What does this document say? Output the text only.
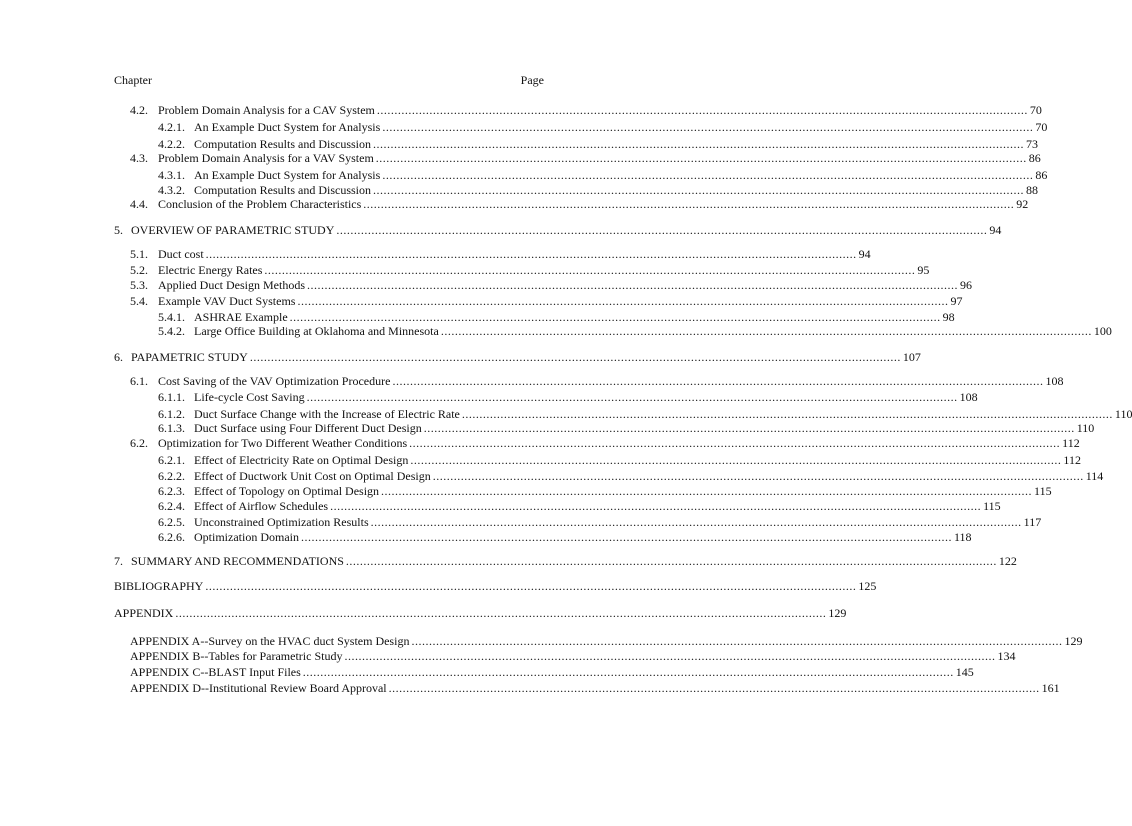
Chapter	Page
4.2. Problem Domain Analysis for a CAV System .....	70
4.2.1. An Example Duct System for Analysis .....	70
4.2.2. Computation Results and Discussion .....	73
4.3. Problem Domain Analysis for a VAV System .....	86
4.3.1. An Example Duct System for Analysis .....	86
4.3.2. Computation Results and Discussion .....	88
4.4. Conclusion of the Problem Characteristics .....	92
5. OVERVIEW OF PARAMETRIC STUDY .....	94
5.1. Duct cost .....	94
5.2. Electric Energy Rates .....	95
5.3. Applied Duct Design Methods .....	96
5.4. Example VAV Duct Systems .....	97
5.4.1. ASHRAE Example .....	98
5.4.2. Large Office Building at Oklahoma and Minnesota .....	100
6. PAPAMETRIC STUDY .....	107
6.1. Cost Saving of the VAV Optimization Procedure .....	108
6.1.1. Life-cycle Cost Saving .....	108
6.1.2. Duct Surface Change with the Increase of Electric Rate .....	110
6.1.3. Duct Surface using Four Different Duct Design .....	110
6.2. Optimization for Two Different Weather Conditions .....	112
6.2.1. Effect of Electricity Rate on Optimal Design .....	112
6.2.2. Effect of Ductwork Unit Cost on Optimal Design .....	114
6.2.3. Effect of Topology on Optimal Design .....	115
6.2.4. Effect of Airflow Schedules .....	115
6.2.5. Unconstrained Optimization Results .....	117
6.2.6. Optimization Domain .....	118
7. SUMMARY AND RECOMMENDATIONS .....	122
BIBLIOGRAPHY .....	125
APPENDIX .....	129
APPENDIX A--Survey on the HVAC duct System Design .....	129
APPENDIX B--Tables for Parametric Study .....	134
APPENDIX C--BLAST Input Files .....	145
APPENDIX D--Institutional Review Board Approval .....	161
